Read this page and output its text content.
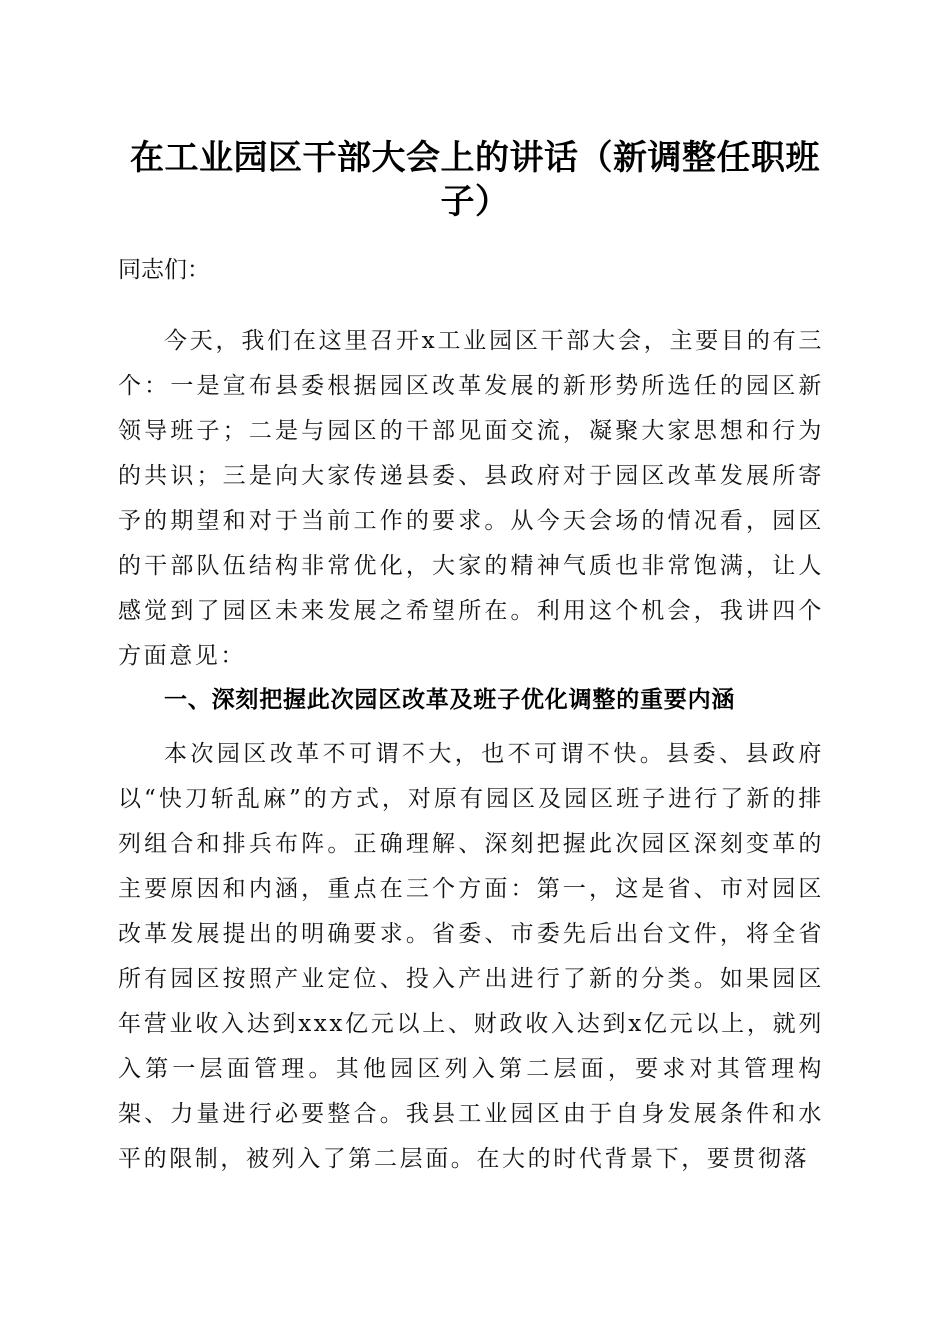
在工业园区干部大会上的讲话（新调整任职班子）

同志们：

今天，我们在这里召开x工业园区干部大会，主要目的有三个：一是宣布县委根据园区改革发展的新形势所选任的园区新领导班子；二是与园区的干部见面交流，凝聚大家思想和行为的共识；三是向大家传递县委、县政府对于园区改革发展所寄予的期望和对于当前工作的要求。从今天会场的情况看，园区的干部队伍结构非常优化，大家的精神气质也非常饱满，让人感觉到了园区未来发展之希望所在。利用这个机会，我讲四个方面意见：

一、深刻把握此次园区改革及班子优化调整的重要内涵

本次园区改革不可谓不大，也不可谓不快。县委、县政府以“快刀斩乱麻”的方式，对原有园区及园区班子进行了新的排列组合和排兵布阵。正确理解、深刻把握此次园区深刻变革的主要原因和内涵，重点在三个方面：第一，这是省、市对园区改革发展提出的明确要求。省委、市委先后出台文件，将全省所有园区按照产业定位、投入产出进行了新的分类。如果园区年营业收入达到xxx亿元以上、财政收入达到x亿元以上，就列入第一层面管理。其他园区列入第二层面，要求对其管理构架、力量进行必要整合。我县工业园区由于自身发展条件和水平的限制，被列入了第二层面。在大的时代背景下，要贯彻落
